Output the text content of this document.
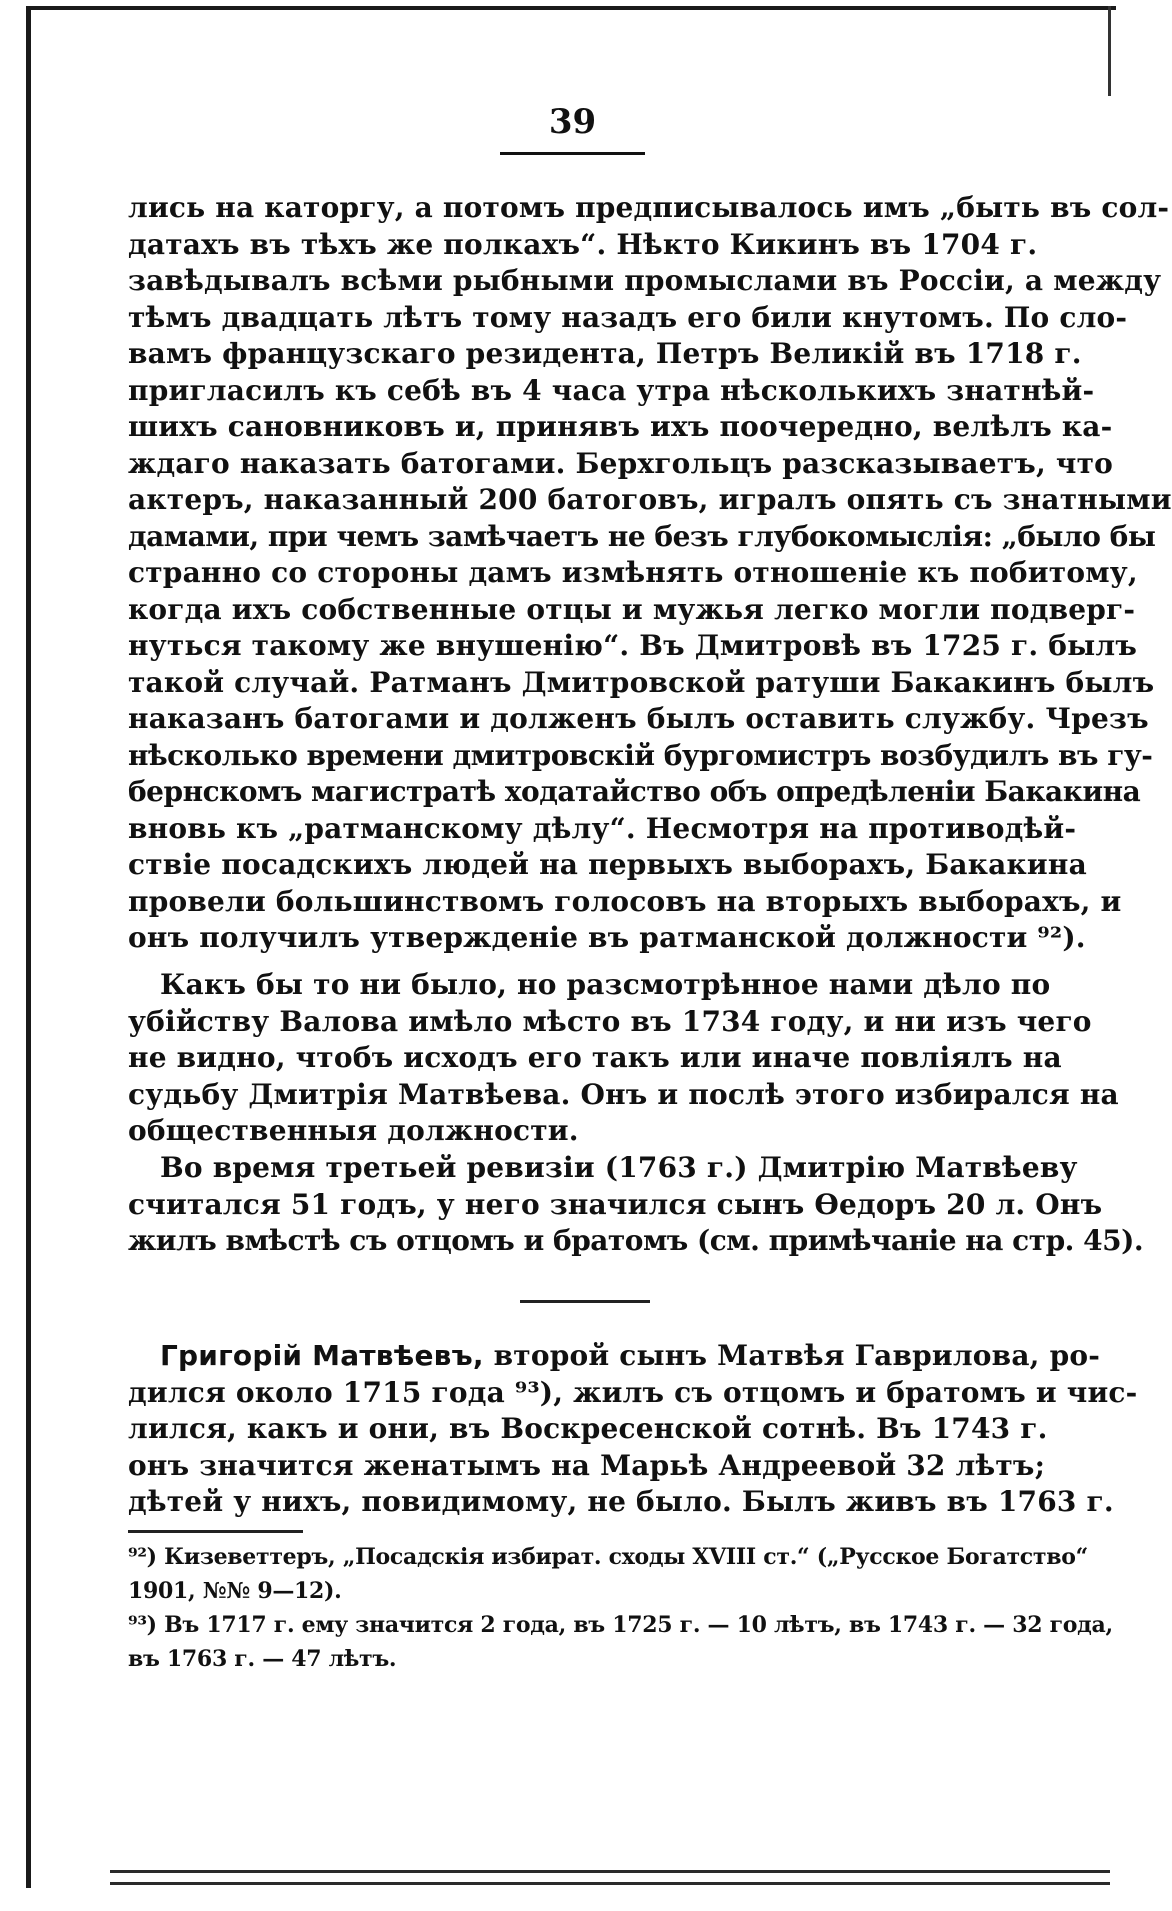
39
лись на каторгу, а потомъ предписывалось имъ „быть въ сол-
датахъ въ тѣхъ же полкахъ“. Нѣкто Кикинъ въ 1704 г.
завѣдывалъ всѣми рыбными промыслами въ Россіи, а между
тѣмъ двадцать лѣтъ тому назадъ его били кнутомъ. По сло-
вамъ французскаго резидента, Петръ Великій въ 1718 г.
пригласилъ къ себѣ въ 4 часа утра нѣсколькихъ знатнѣй-
шихъ сановниковъ и, принявъ ихъ поочередно, велѣлъ ка-
ждаго наказать батогами. Берхгольцъ разсказываетъ, что
актеръ, наказанный 200 батоговъ, игралъ опять съ знатными
дамами, при чемъ замѣчаетъ не безъ глубокомыслія: „было бы
странно со стороны дамъ измѣнять отношеніе къ побитому,
когда ихъ собственные отцы и мужья легко могли подверг-
нуться такому же внушенію“. Въ Дмитровѣ въ 1725 г. былъ
такой случай. Ратманъ Дмитровской ратуши Бакакинъ былъ
наказанъ батогами и долженъ былъ оставить службу. Чрезъ
нѣсколько времени дмитровскій бургомистръ возбудилъ въ гу-
бернскомъ магистратѣ ходатайство объ опредѣленіи Бакакина
вновь къ „ратманскому дѣлу“. Несмотря на противодѣй-
ствіе посадскихъ людей на первыхъ выборахъ, Бакакина
провели большинствомъ голосовъ на вторыхъ выборахъ, и
онъ получилъ утвержденіе въ ратманской должности ⁹²).
Какъ бы то ни было, но разсмотрѣнное нами дѣло по
убійству Валова имѣло мѣсто въ 1734 году, и ни изъ чего
не видно, чтобъ исходъ его такъ или иначе повліялъ на
судьбу Дмитрія Матвѣева. Онъ и послѣ этого избирался на
общественныя должности.
Во время третьей ревизіи (1763 г.) Дмитрію Матвѣеву
считался 51 годъ, у него значился сынъ Ѳедоръ 20 л. Онъ
жилъ вмѣстѣ съ отцомъ и братомъ (см. примѣчаніе на стр. 45).
Григорій Матвѣевъ, второй сынъ Матвѣя Гаврилова, ро-
дился около 1715 года ⁹³), жилъ съ отцомъ и братомъ и чис-
лился, какъ и они, въ Воскресенской сотнѣ. Въ 1743 г.
онъ значится женатымъ на Марьѣ Андреевой 32 лѣтъ;
дѣтей у нихъ, повидимому, не было. Былъ живъ въ 1763 г.
⁹²) Кизеветтеръ, „Посадскія избират. сходы XVIII ст.“ („Русское Богатство“
1901, №№ 9—12).
⁹³) Въ 1717 г. ему значится 2 года, въ 1725 г. — 10 лѣтъ, въ 1743 г. — 32 года,
въ 1763 г. — 47 лѣтъ.
